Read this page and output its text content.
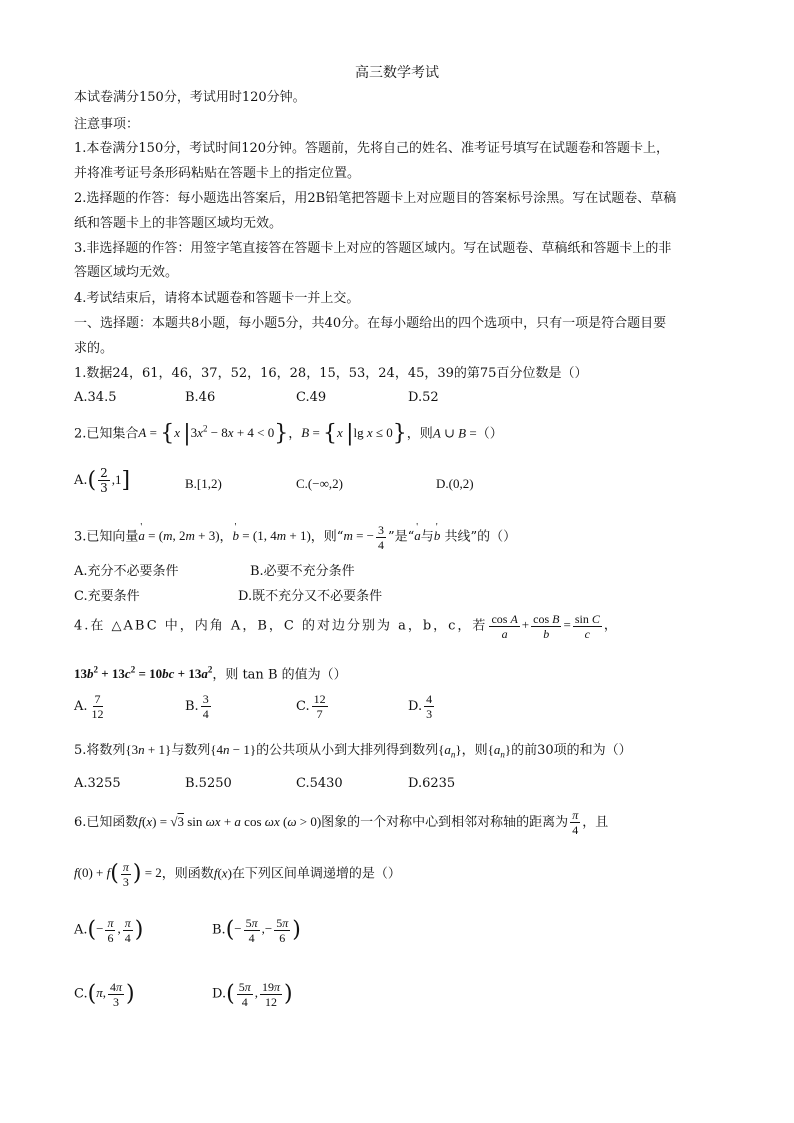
高三数学考试
本试卷满分150分，考试用时120分钟。
注意事项：
1.本卷满分150分，考试时间120分钟。答题前，先将自己的姓名、准考证号填写在试题卷和答题卡上，
并将准考证号条形码粘贴在答题卡上的指定位置。
2.选择题的作答：每小题选出答案后，用2B铅笔把答题卡上对应题目的答案标号涂黑。写在试题卷、草稿
纸和答题卡上的非答题区域均无效。
3.非选择题的作答：用签字笔直接答在答题卡上对应的答题区域内。写在试题卷、草稿纸和答题卡上的非
答题区域均无效。
4.考试结束后，请将本试题卷和答题卡一并上交。
一、选择题：本题共8小题，每小题5分，共40分。在每小题给出的四个选项中，只有一项是符合题目要
求的。
1.数据24，61，46，37，52，16，28，15，53，24，45，39的第75百分位数是（）
A.34.5	B.46	C.49	D.52
2.已知集合A = {x $|3x^2 - 8x + 4 < 0$}，B = {x |lg x ≤ 0}，则A ∪ B =（）
$A.( \frac{2}{3} ,1]$	B.[1,2)	C.(−∞,2)	D.(0,2)
3.已知向量' a = (m, 2m + 3)，' b = (1, 4m + 1)，则“m = − $\frac{3}{4}$ ”是“' a与' b 共线”的（）
A.充分不必要条件	B.必要不充分条件
C.充要条件	D.既不充分又不必要条件
4.在 △ABC 中，内角 A，B，C 的对边分别为 a，b，c，若 $\frac{\text{cos A}}{a} + \frac{\text{cos B}}{b} = \frac{\text{sin C}}{c}$ ，
$13b^2 + 13c^2 = 10bc + 13a^2$，则 tan B 的值为（）
A. $\frac{7}{12}$	B. $\frac{3}{4}$	C. $\frac{12}{7}$	D. $\frac{4}{3}$
5.将数列{3n + 1}与数列{4n − 1}的公共项从小到大排列得到数列$\{a_n\}$，则$\{a_n\}$的前30项的和为（）
A.3255	B.5250	C.5430	D.6235
6.已知函数f(x) = √3 sin ωx + a cos ωx (ω > 0)图象的一个对称中心到相邻对称轴的距离为 $\frac{\pi}{4}$ ，且
$f(0) + f( \frac{\pi}{3}$ ) = 2，则函数f(x)在下列区间单调递增的是（）
$A.(- \frac{\pi}{6}$ , $\frac{\pi}{4}$ )	$B.(- \frac{5\pi}{4}$ ,− $\frac{5\pi}{6}$ )
C.(π, $\frac{4\pi}{3}$ )	$D.( \frac{5\pi}{4}$ , $\frac{19\pi}{12}$ )
